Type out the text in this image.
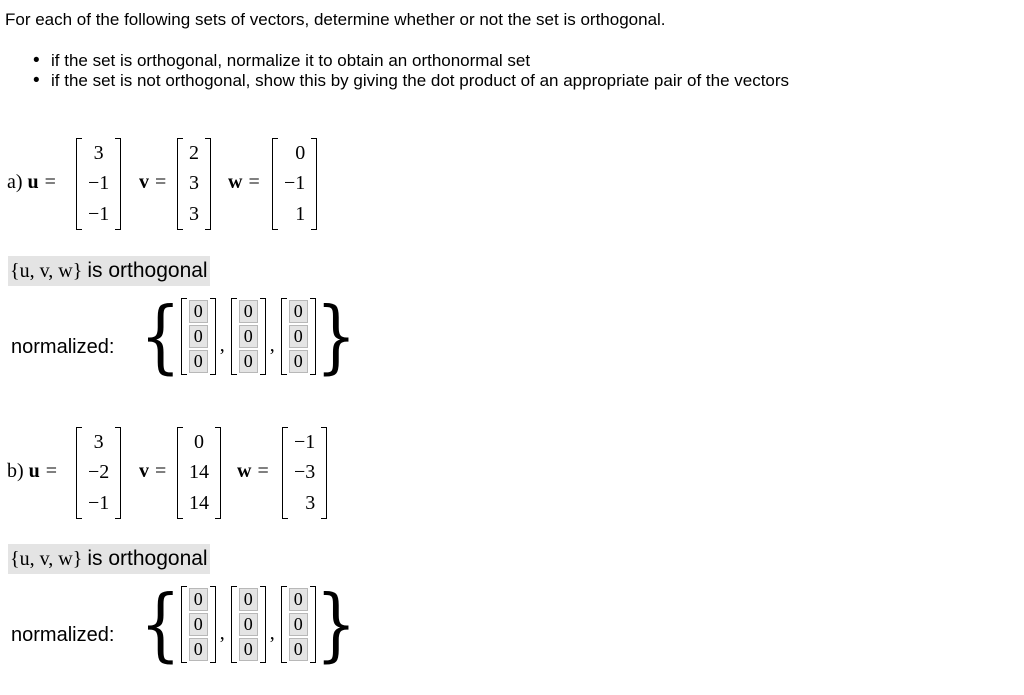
For each of the following sets of vectors, determine whether or not the set is orthogonal.
• if the set is orthogonal, normalize it to obtain an orthonormal set
• if the set is not orthogonal, show this by giving the dot product of an appropriate pair of the vectors
a)
u =
3
−1
−1
v =
2
3
3
w =
0
−1
1
{u, v, w} is orthogonal
normalized: { 0
0
0
,
0
0
0
,
0
0
0 }
b)
u =
3
−2
−1
v =
0
14
14
w =
−1
−3
3
{u, v, w} is orthogonal
normalized: { 0
0
0
,
0
0
0
,
0
0
0 }
